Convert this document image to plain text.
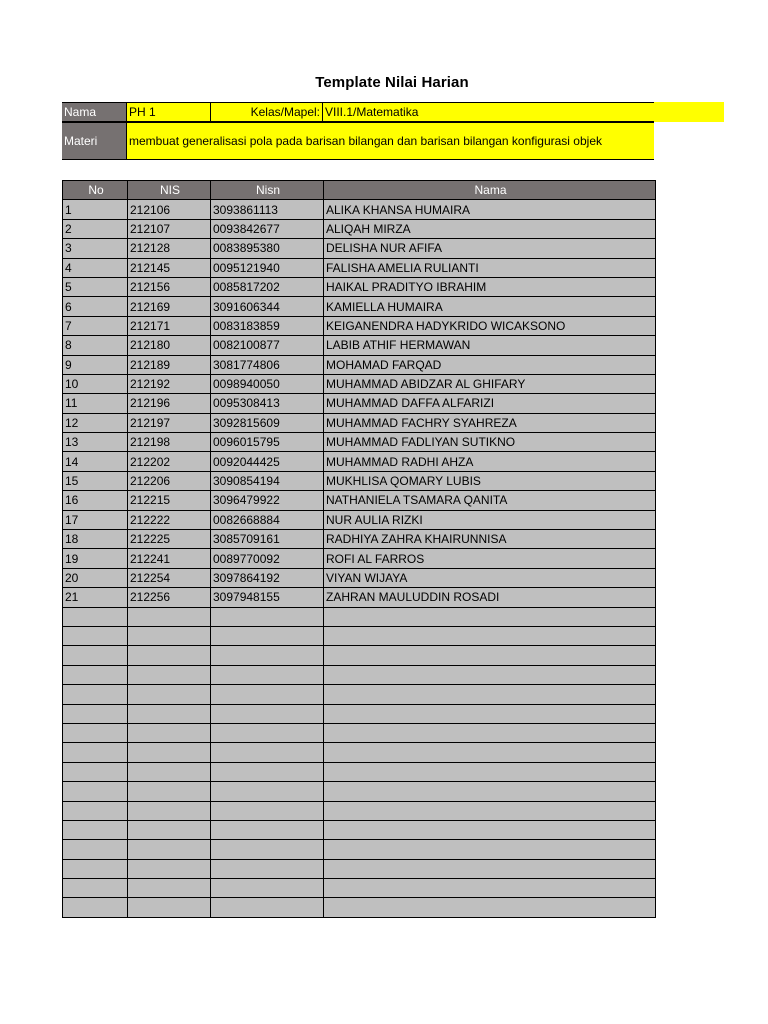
Template Nilai Harian
Nama	PH 1	Kelas/Mapel: VIII.1/Matematika
Materi	membuat generalisasi pola pada barisan bilangan dan barisan bilangan konfigurasi objek
No	NIS	Nisn	Nama
1	212106	3093861113	ALIKA KHANSA HUMAIRA
2	212107	0093842677	ALIQAH MIRZA
3	212128	0083895380	DELISHA NUR AFIFA
4	212145	0095121940	FALISHA AMELIA RULIANTI
5	212156	0085817202	HAIKAL PRADITYO IBRAHIM
6	212169	3091606344	KAMIELLA HUMAIRA
7	212171	0083183859	KEIGANENDRA HADYKRIDO WICAKSONO
8	212180	0082100877	LABIB ATHIF HERMAWAN
9	212189	3081774806	MOHAMAD FARQAD
10	212192	0098940050	MUHAMMAD ABIDZAR AL GHIFARY
11	212196	0095308413	MUHAMMAD DAFFA ALFARIZI
12	212197	3092815609	MUHAMMAD FACHRY SYAHREZA
13	212198	0096015795	MUHAMMAD FADLIYAN SUTIKNO
14	212202	0092044425	MUHAMMAD RADHI AHZA
15	212206	3090854194	MUKHLISA QOMARY LUBIS
16	212215	3096479922	NATHANIELA TSAMARA QANITA
17	212222	0082668884	NUR AULIA RIZKI
18	212225	3085709161	RADHIYA ZAHRA KHAIRUNNISA
19	212241	0089770092	ROFI AL FARROS
20	212254	3097864192	VIYAN WIJAYA
21	212256	3097948155	ZAHRAN MAULUDDIN ROSADI
